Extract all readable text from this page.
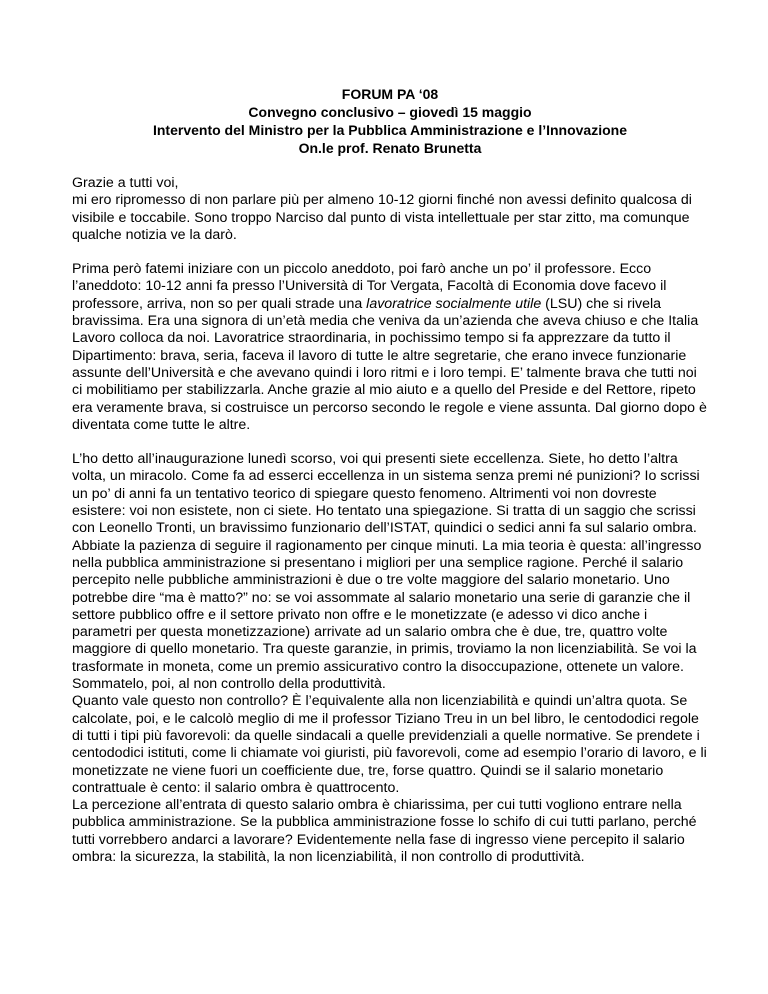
FORUM PA ‘08
Convegno conclusivo – giovedì 15 maggio
Intervento del Ministro per la Pubblica Amministrazione e l’Innovazione
On.le prof. Renato Brunetta

Grazie a tutti voi,
mi ero ripromesso di non parlare più per almeno 10-12 giorni finché non avessi definito qualcosa di visibile e toccabile. Sono troppo Narciso dal punto di vista intellettuale per star zitto, ma comunque qualche notizia ve la darò.

Prima però fatemi iniziare con un piccolo aneddoto, poi farò anche un po’ il professore. Ecco l’aneddoto: 10-12 anni fa presso l’Università di Tor Vergata, Facoltà di Economia dove facevo il professore, arriva, non so per quali strade una lavoratrice socialmente utile (LSU) che si rivela bravissima. Era una signora di un’età media che veniva da un’azienda che aveva chiuso e che Italia Lavoro colloca da noi. Lavoratrice straordinaria, in pochissimo tempo si fa apprezzare da tutto il Dipartimento: brava, seria, faceva il lavoro di tutte le altre segretarie, che erano invece funzionarie assunte dell’Università e che avevano quindi i loro ritmi e i loro tempi. E’ talmente brava che tutti noi ci mobilitiamo per stabilizzarla. Anche grazie al mio aiuto e a quello del Preside e del Rettore, ripeto era veramente brava, si costruisce un percorso secondo le regole e viene assunta. Dal giorno dopo è diventata come tutte le altre.

L’ho detto all’inaugurazione lunedì scorso, voi qui presenti siete eccellenza. Siete, ho detto l’altra volta, un miracolo. Come fa ad esserci eccellenza in un sistema senza premi né punizioni? Io scrissi un po’ di anni fa un tentativo teorico di spiegare questo fenomeno. Altrimenti voi non dovreste esistere: voi non esistete, non ci siete. Ho tentato una spiegazione. Si tratta di un saggio che scrissi con Leonello Tronti, un bravissimo funzionario dell’ISTAT, quindici o sedici anni fa sul salario ombra.

Abbiate la pazienza di seguire il ragionamento per cinque minuti. La mia teoria è questa: all’ingresso nella pubblica amministrazione si presentano i migliori per una semplice ragione. Perché il salario percepito nelle pubbliche amministrazioni è due o tre volte maggiore del salario monetario. Uno potrebbe dire “ma è matto?” no: se voi assommate al salario monetario una serie di garanzie che il settore pubblico offre e il settore privato non offre e le monetizzate (e adesso vi dico anche i parametri per questa monetizzazione) arrivate ad un salario ombra che è due, tre, quattro volte maggiore di quello monetario. Tra queste garanzie, in primis, troviamo la non licenziabilità. Se voi la trasformate in moneta, come un premio assicurativo contro la disoccupazione, ottenete un valore. Sommatelo, poi, al non controllo della produttività.

Quanto vale questo non controllo? È l’equivalente alla non licenziabilità e quindi un’altra quota. Se calcolate, poi, e le calcolò meglio di me il professor Tiziano Treu in un bel libro, le centododici regole di tutti i tipi più favorevoli: da quelle sindacali a quelle previdenziali a quelle normative. Se prendete i centododici istituti, come li chiamate voi giuristi, più favorevoli, come ad esempio l’orario di lavoro, e li monetizzate ne viene fuori un coefficiente due, tre, forse quattro. Quindi se il salario monetario contrattuale è cento: il salario ombra è quattrocento.

La percezione all’entrata di questo salario ombra è chiarissima, per cui tutti vogliono entrare nella pubblica amministrazione. Se la pubblica amministrazione fosse lo schifo di cui tutti parlano, perché tutti vorrebbero andarci a lavorare? Evidentemente nella fase di ingresso viene percepito il salario ombra: la sicurezza, la stabilità, la non licenziabilità, il non controllo di produttività.
